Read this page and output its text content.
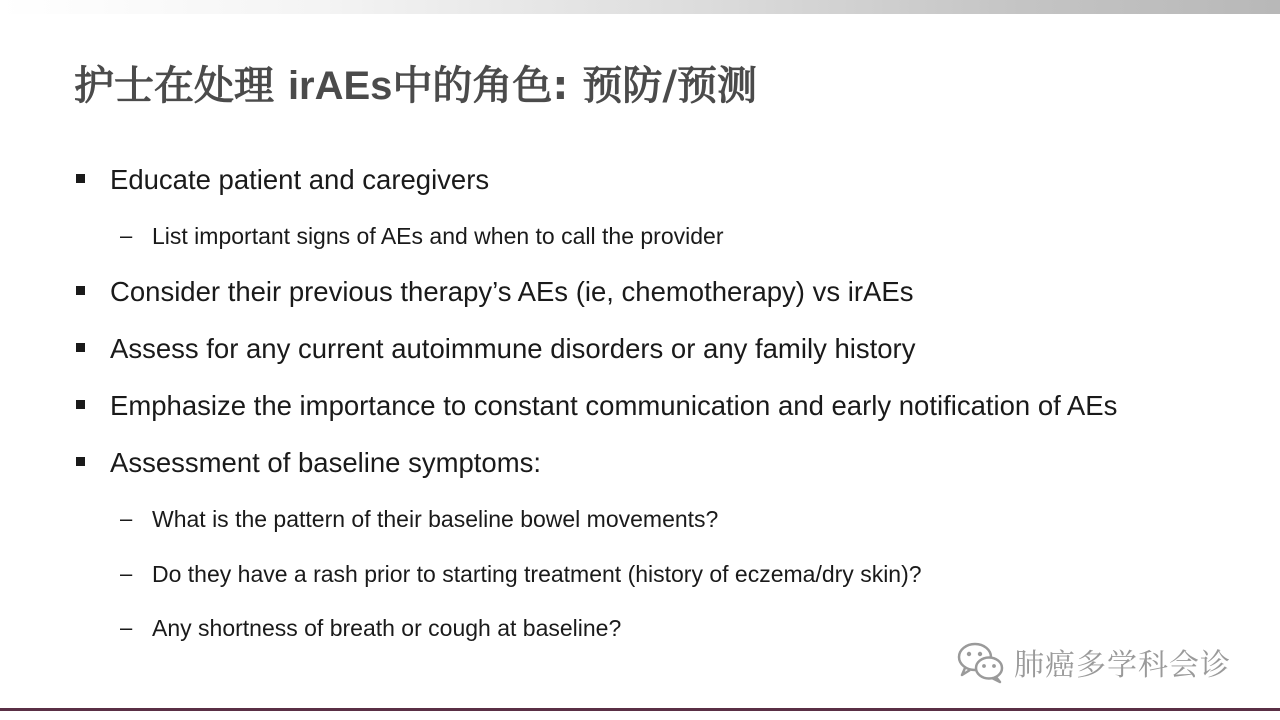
护士在处理 irAEs中的角色: 预防/预测
Educate patient and caregivers
– List important signs of AEs and when to call the provider
Consider their previous therapy’s AEs (ie, chemotherapy) vs irAEs
Assess for any current autoimmune disorders or any family history
Emphasize the importance to constant communication and early notification of AEs
Assessment of baseline symptoms:
– What is the pattern of their baseline bowel movements?
– Do they have a rash prior to starting treatment (history of eczema/dry skin)?
– Any shortness of breath or cough at baseline?
肺癌多学科会诊
